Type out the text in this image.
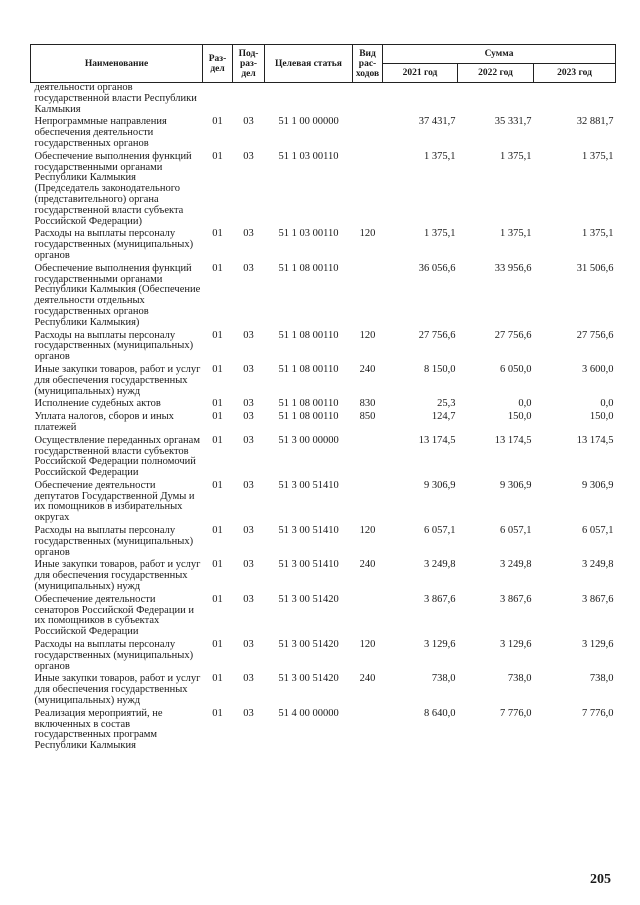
Наименование	Раз-дел	Под-раз-дел	Целевая статья	Вид рас-ходов	Сумма		
					2021 год	2022 год	2023 год
деятельности органов государственной власти Республики Калмыкия							
Непрограммные направления обеспечения деятельности государственных органов	01	03	51 1 00 00000		37 431,7	35 331,7	32 881,7
Обеспечение выполнения функций государственными органами Республики Калмыкия (Председатель законодательного (представительного) органа государственной власти субъекта Российской Федерации)	01	03	51 1 03 00110		1 375,1	1 375,1	1 375,1
Расходы на выплаты персоналу государственных (муниципальных) органов	01	03	51 1 03 00110	120	1 375,1	1 375,1	1 375,1
Обеспечение выполнения функций государственными органами Республики Калмыкия (Обеспечение деятельности отдельных государственных органов Республики Калмыкия)	01	03	51 1 08 00110		36 056,6	33 956,6	31 506,6
Расходы на выплаты персоналу государственных (муниципальных) органов	01	03	51 1 08 00110	120	27 756,6	27 756,6	27 756,6
Иные закупки товаров, работ и услуг для обеспечения государственных (муниципальных) нужд	01	03	51 1 08 00110	240	8 150,0	6 050,0	3 600,0
Исполнение судебных актов	01	03	51 1 08 00110	830	25,3	0,0	0,0
Уплата налогов, сборов и иных платежей	01	03	51 1 08 00110	850	124,7	150,0	150,0
Осуществление переданных органам государственной власти субъектов Российской Федерации полномочий Российской Федерации	01	03	51 3 00 00000		13 174,5	13 174,5	13 174,5
Обеспечение деятельности депутатов Государственной Думы и их помощников в избирательных округах	01	03	51 3 00 51410		9 306,9	9 306,9	9 306,9
Расходы на выплаты персоналу государственных (муниципальных) органов	01	03	51 3 00 51410	120	6 057,1	6 057,1	6 057,1
Иные закупки товаров, работ и услуг для обеспечения государственных (муниципальных) нужд	01	03	51 3 00 51410	240	3 249,8	3 249,8	3 249,8
Обеспечение деятельности сенаторов Российской Федерации и их помощников в субъектах Российской Федерации	01	03	51 3 00 51420		3 867,6	3 867,6	3 867,6
Расходы на выплаты персоналу государственных (муниципальных) органов	01	03	51 3 00 51420	120	3 129,6	3 129,6	3 129,6
Иные закупки товаров, работ и услуг для обеспечения государственных (муниципальных) нужд	01	03	51 3 00 51420	240	738,0	738,0	738,0
Реализация мероприятий, не включенных в состав государственных программ Республики Калмыкия	01	03	51 4 00 00000		8 640,0	7 776,0	7 776,0
205
